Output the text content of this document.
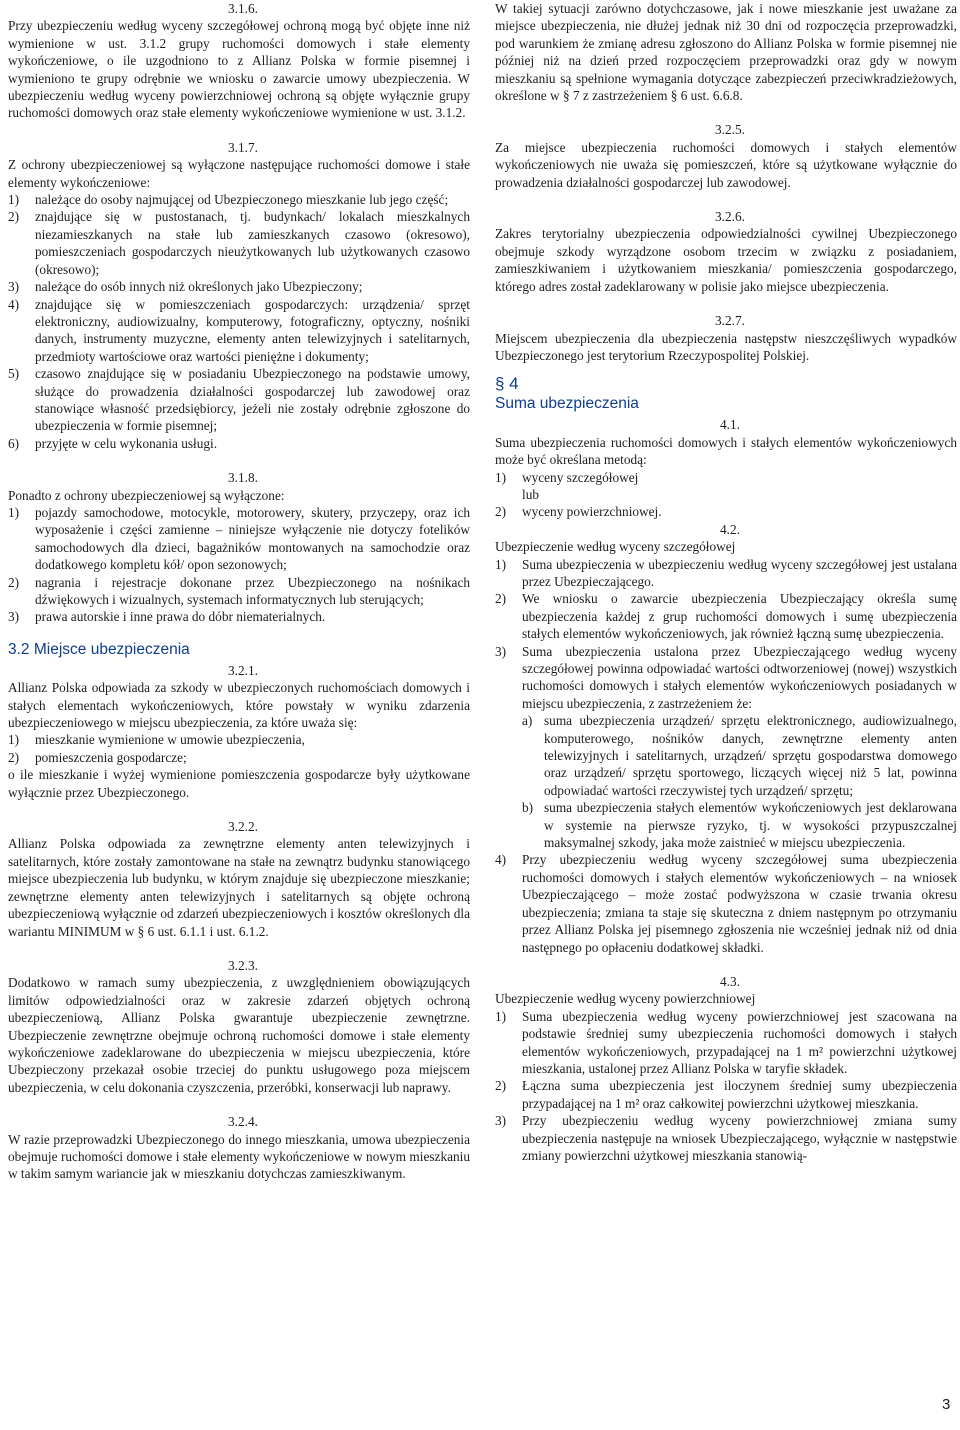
3.1.6.
Przy ubezpieczeniu według wyceny szczegółowej ochroną mogą być objęte inne niż wymienione w ust. 3.1.2 grupy ruchomości domowych i stałe elementy wykończeniowe, o ile uzgodniono to z Allianz Polska w formie pisemnej i wymieniono te grupy odrębnie we wniosku o zawarcie umowy ubezpieczenia. W ubezpieczeniu według wyceny powierzchniowej ochroną są objęte wyłącznie grupy ruchomości domowych oraz stałe elementy wykończeniowe wymienione w ust. 3.1.2.
3.1.7.
Z ochrony ubezpieczeniowej są wyłączone następujące ruchomości domowe i stałe elementy wykończeniowe:
1)	należące do osoby najmującej od Ubezpieczonego mieszkanie lub jego część;
2)	znajdujące się w pustostanach, tj. budynkach/ lokalach mieszkalnych niezamieszkanych na stałe lub zamieszkanych czasowo (okresowo), pomieszczeniach gospodarczych nieużytkowanych lub użytkowanych czasowo (okresowo);
3)	należące do osób innych niż określonych jako Ubezpieczony;
4)	znajdujące się w pomieszczeniach gospodarczych: urządzenia/ sprzęt elektroniczny, audiowizualny, komputerowy, fotograficzny, optyczny, nośniki danych, instrumenty muzyczne, elementy anten telewizyjnych i satelitarnych, przedmioty wartościowe oraz wartości pieniężne i dokumenty;
5)	czasowo znajdujące się w posiadaniu Ubezpieczonego na podstawie umowy, służące do prowadzenia działalności gospodarczej lub zawodowej oraz stanowiące własność przedsiębiorcy, jeżeli nie zostały odrębnie zgłoszone do ubezpieczenia w formie pisemnej;
6)	przyjęte w celu wykonania usługi.
3.1.8.
Ponadto z ochrony ubezpieczeniowej są wyłączone:
1)	pojazdy samochodowe, motocykle, motorowery, skutery, przyczepy, oraz ich wyposażenie i części zamienne – niniejsze wyłączenie nie dotyczy fotelików samochodowych dla dzieci, bagażników montowanych na samochodzie oraz dodatkowego kompletu kół/ opon sezonowych;
2)	nagrania i rejestracje dokonane przez Ubezpieczonego na nośnikach dźwiękowych i wizualnych, systemach informatycznych lub sterujących;
3)	prawa autorskie i inne prawa do dóbr niematerialnych.
3.2 Miejsce ubezpieczenia
3.2.1.
Allianz Polska odpowiada za szkody w ubezpieczonych ruchomościach domowych i stałych elementach wykończeniowych, które powstały w wyniku zdarzenia ubezpieczeniowego w miejscu ubezpieczenia, za które uważa się:
1)	mieszkanie wymienione w umowie ubezpieczenia,
2)	pomieszczenia gospodarcze;
o ile mieszkanie i wyżej wymienione pomieszczenia gospodarcze były użytkowane wyłącznie przez Ubezpieczonego.
3.2.2.
Allianz Polska odpowiada za zewnętrzne elementy anten telewizyjnych i satelitarnych, które zostały zamontowane na stałe na zewnątrz budynku stanowiącego miejsce ubezpieczenia lub budynku, w którym znajduje się ubezpieczone mieszkanie; zewnętrzne elementy anten telewizyjnych i satelitarnych są objęte ochroną ubezpieczeniową wyłącznie od zdarzeń ubezpieczeniowych i kosztów określonych dla wariantu MINIMUM w § 6 ust. 6.1.1 i ust. 6.1.2.
3.2.3.
Dodatkowo w ramach sumy ubezpieczenia, z uwzględnieniem obowiązujących limitów odpowiedzialności oraz w zakresie zdarzeń objętych ochroną ubezpieczeniową, Allianz Polska gwarantuje ubezpieczenie zewnętrzne. Ubezpieczenie zewnętrzne obejmuje ochroną ruchomości domowe i stałe elementy wykończeniowe zadeklarowane do ubezpieczenia w miejscu ubezpieczenia, które Ubezpieczony przekazał osobie trzeciej do punktu usługowego poza miejscem ubezpieczenia, w celu dokonania czyszczenia, przeróbki, konserwacji lub naprawy.
3.2.4.
W razie przeprowadzki Ubezpieczonego do innego mieszkania, umowa ubezpieczenia obejmuje ruchomości domowe i stałe elementy wykończeniowe w nowym mieszkaniu w takim samym wariancie jak w mieszkaniu dotychczas zamieszkiwanym.
W takiej sytuacji zarówno dotychczasowe, jak i nowe mieszkanie jest uważane za miejsce ubezpieczenia, nie dłużej jednak niż 30 dni od rozpoczęcia przeprowadzki, pod warunkiem że zmianę adresu zgłoszono do Allianz Polska w formie pisemnej nie później niż na dzień przed rozpoczęciem przeprowadzki oraz gdy w nowym mieszkaniu są spełnione wymagania dotyczące zabezpieczeń przeciwkradzieżowych, określone w § 7 z zastrzeżeniem § 6 ust. 6.6.8.
3.2.5.
Za miejsce ubezpieczenia ruchomości domowych i stałych elementów wykończeniowych nie uważa się pomieszczeń, które są użytkowane wyłącznie do prowadzenia działalności gospodarczej lub zawodowej.
3.2.6.
Zakres terytorialny ubezpieczenia odpowiedzialności cywilnej Ubezpieczonego obejmuje szkody wyrządzone osobom trzecim w związku z posiadaniem, zamieszkiwaniem i użytkowaniem mieszkania/ pomieszczenia gospodarczego, którego adres został zadeklarowany w polisie jako miejsce ubezpieczenia.
3.2.7.
Miejscem ubezpieczenia dla ubezpieczenia następstw nieszczęśliwych wypadków Ubezpieczonego jest terytorium Rzeczypospolitej Polskiej.
§ 4
Suma ubezpieczenia
4.1.
Suma ubezpieczenia ruchomości domowych i stałych elementów wykończeniowych może być określana metodą:
1)	wyceny szczegółowej
lub
2)	wyceny powierzchniowej.
4.2.
Ubezpieczenie według wyceny szczegółowej
1)	Suma ubezpieczenia w ubezpieczeniu według wyceny szczegółowej jest ustalana przez Ubezpieczającego.
2)	We wniosku o zawarcie ubezpieczenia Ubezpieczający określa sumę ubezpieczenia każdej z grup ruchomości domowych i sumę ubezpieczenia stałych elementów wykończeniowych, jak również łączną sumę ubezpieczenia.
3)	Suma ubezpieczenia ustalona przez Ubezpieczającego według wyceny szczegółowej powinna odpowiadać wartości odtworzeniowej (nowej) wszystkich ruchomości domowych i stałych elementów wykończeniowych posiadanych w miejscu ubezpieczenia, z zastrzeżeniem że:
a) suma ubezpieczenia urządzeń/ sprzętu elektronicznego, audiowizualnego, komputerowego, nośników danych, zewnętrzne elementy anten telewizyjnych i satelitarnych, urządzeń/ sprzętu gospodarstwa domowego oraz urządzeń/ sprzętu sportowego, liczących więcej niż 5 lat, powinna odpowiadać wartości rzeczywistej tych urządzeń/ sprzętu;
b) suma ubezpieczenia stałych elementów wykończeniowych jest deklarowana w systemie na pierwsze ryzyko, tj. w wysokości przypuszczalnej maksymalnej szkody, jaka może zaistnieć w miejscu ubezpieczenia.
4)	Przy ubezpieczeniu według wyceny szczegółowej suma ubezpieczenia ruchomości domowych i stałych elementów wykończeniowych – na wniosek Ubezpieczającego – może zostać podwyższona w czasie trwania okresu ubezpieczenia; zmiana ta staje się skuteczna z dniem następnym po otrzymaniu przez Allianz Polska jej pisemnego zgłoszenia nie wcześniej jednak niż od dnia następnego po opłaceniu dodatkowej składki.
4.3.
Ubezpieczenie według wyceny powierzchniowej
1)	Suma ubezpieczenia według wyceny powierzchniowej jest szacowana na podstawie średniej sumy ubezpieczenia ruchomości domowych i stałych elementów wykończeniowych, przypadającej na 1 m² powierzchni użytkowej mieszkania, ustalonej przez Allianz Polska w taryfie składek.
2)	Łączna suma ubezpieczenia jest iloczynem średniej sumy ubezpieczenia przypadającej na 1 m² oraz całkowitej powierzchni użytkowej mieszkania.
3)	Przy ubezpieczeniu według wyceny powierzchniowej zmiana sumy ubezpieczenia następuje na wniosek Ubezpieczającego, wyłącznie w następstwie zmiany powierzchni użytkowej mieszkania stanowią-
3
